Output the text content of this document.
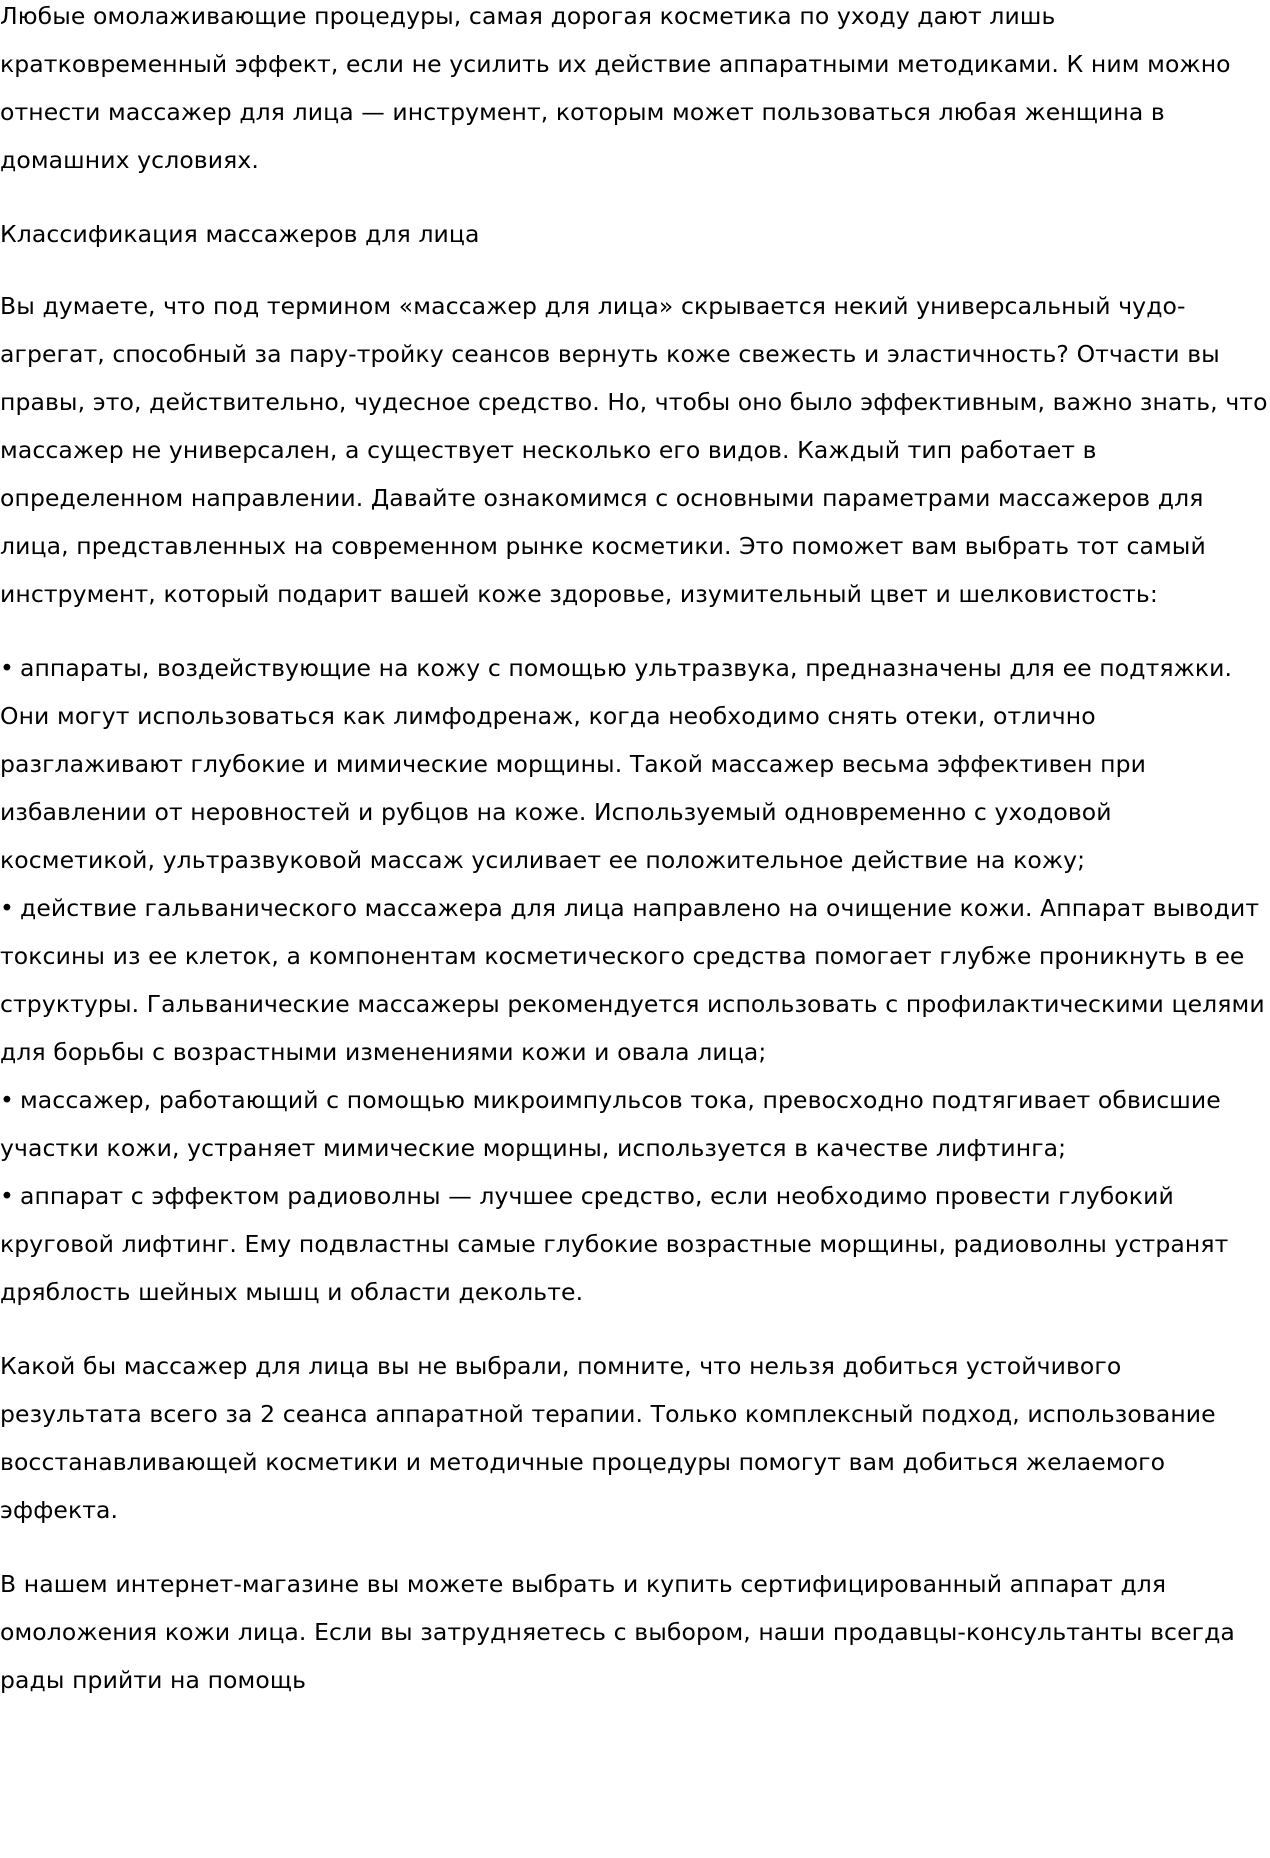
Любые омолаживающие процедуры, самая дорогая косметика по уходу дают лишь кратковременный эффект, если не усилить их действие аппаратными методиками. К ним можно отнести массажер для лица — инструмент, которым может пользоваться любая женщина в домашних условиях.

Классификация массажеров для лица

Вы думаете, что под термином «массажер для лица» скрывается некий универсальный чудо-агрегат, способный за пару-тройку сеансов вернуть коже свежесть и эластичность? Отчасти вы правы, это, действительно, чудесное средство. Но, чтобы оно было эффективным, важно знать, что массажер не универсален, а существует несколько его видов. Каждый тип работает в определенном направлении. Давайте ознакомимся с основными параметрами массажеров для лица, представленных на современном рынке косметики. Это поможет вам выбрать тот самый инструмент, который подарит вашей коже здоровье, изумительный цвет и шелковистость:

• аппараты, воздействующие на кожу с помощью ультразвука, предназначены для ее подтяжки. Они могут использоваться как лимфодренаж, когда необходимо снять отеки, отлично разглаживают глубокие и мимические морщины. Такой массажер весьма эффективен при избавлении от неровностей и рубцов на коже. Используемый одновременно с уходовой косметикой, ультразвуковой массаж усиливает ее положительное действие на кожу;
• действие гальванического массажера для лица направлено на очищение кожи. Аппарат выводит токсины из ее клеток, а компонентам косметического средства помогает глубже проникнуть в ее структуры. Гальванические массажеры рекомендуется использовать с профилактическими целями для борьбы с возрастными изменениями кожи и овала лица;
• массажер, работающий с помощью микроимпульсов тока, превосходно подтягивает обвисшие участки кожи, устраняет мимические морщины, используется в качестве лифтинга;
• аппарат с эффектом радиоволны — лучшее средство, если необходимо провести глубокий круговой лифтинг. Ему подвластны самые глубокие возрастные морщины, радиоволны устранят дряблость шейных мышц и области декольте.

Какой бы массажер для лица вы не выбрали, помните, что нельзя добиться устойчивого результата всего за 2 сеанса аппаратной терапии. Только комплексный подход, использование восстанавливающей косметики и методичные процедуры помогут вам добиться желаемого эффекта.

В нашем интернет-магазине вы можете выбрать и купить сертифицированный аппарат для омоложения кожи лица. Если вы затрудняетесь с выбором, наши продавцы-консультанты всегда рады прийти на помощь
